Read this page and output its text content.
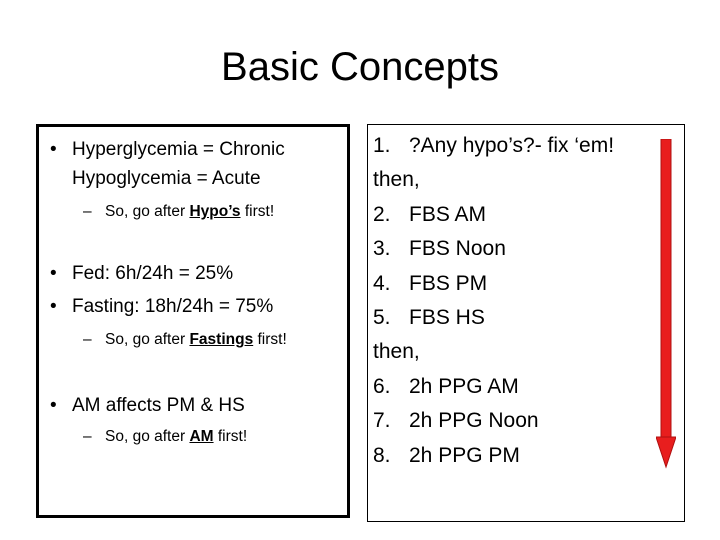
Basic Concepts
• Hyperglycemia = Chronic
Hypoglycemia = Acute
– So, go after Hypo’s first!
• Fed: 6h/24h = 25%
• Fasting: 18h/24h = 75%
– So, go after Fastings first!
• AM affects PM & HS
– So, go after AM first!
1. ?Any hypo’s?- fix ‘em!
then,
2. FBS AM
3. FBS Noon
4. FBS PM
5. FBS HS
then,
6. 2h PPG AM
7. 2h PPG Noon
8. 2h PPG PM
